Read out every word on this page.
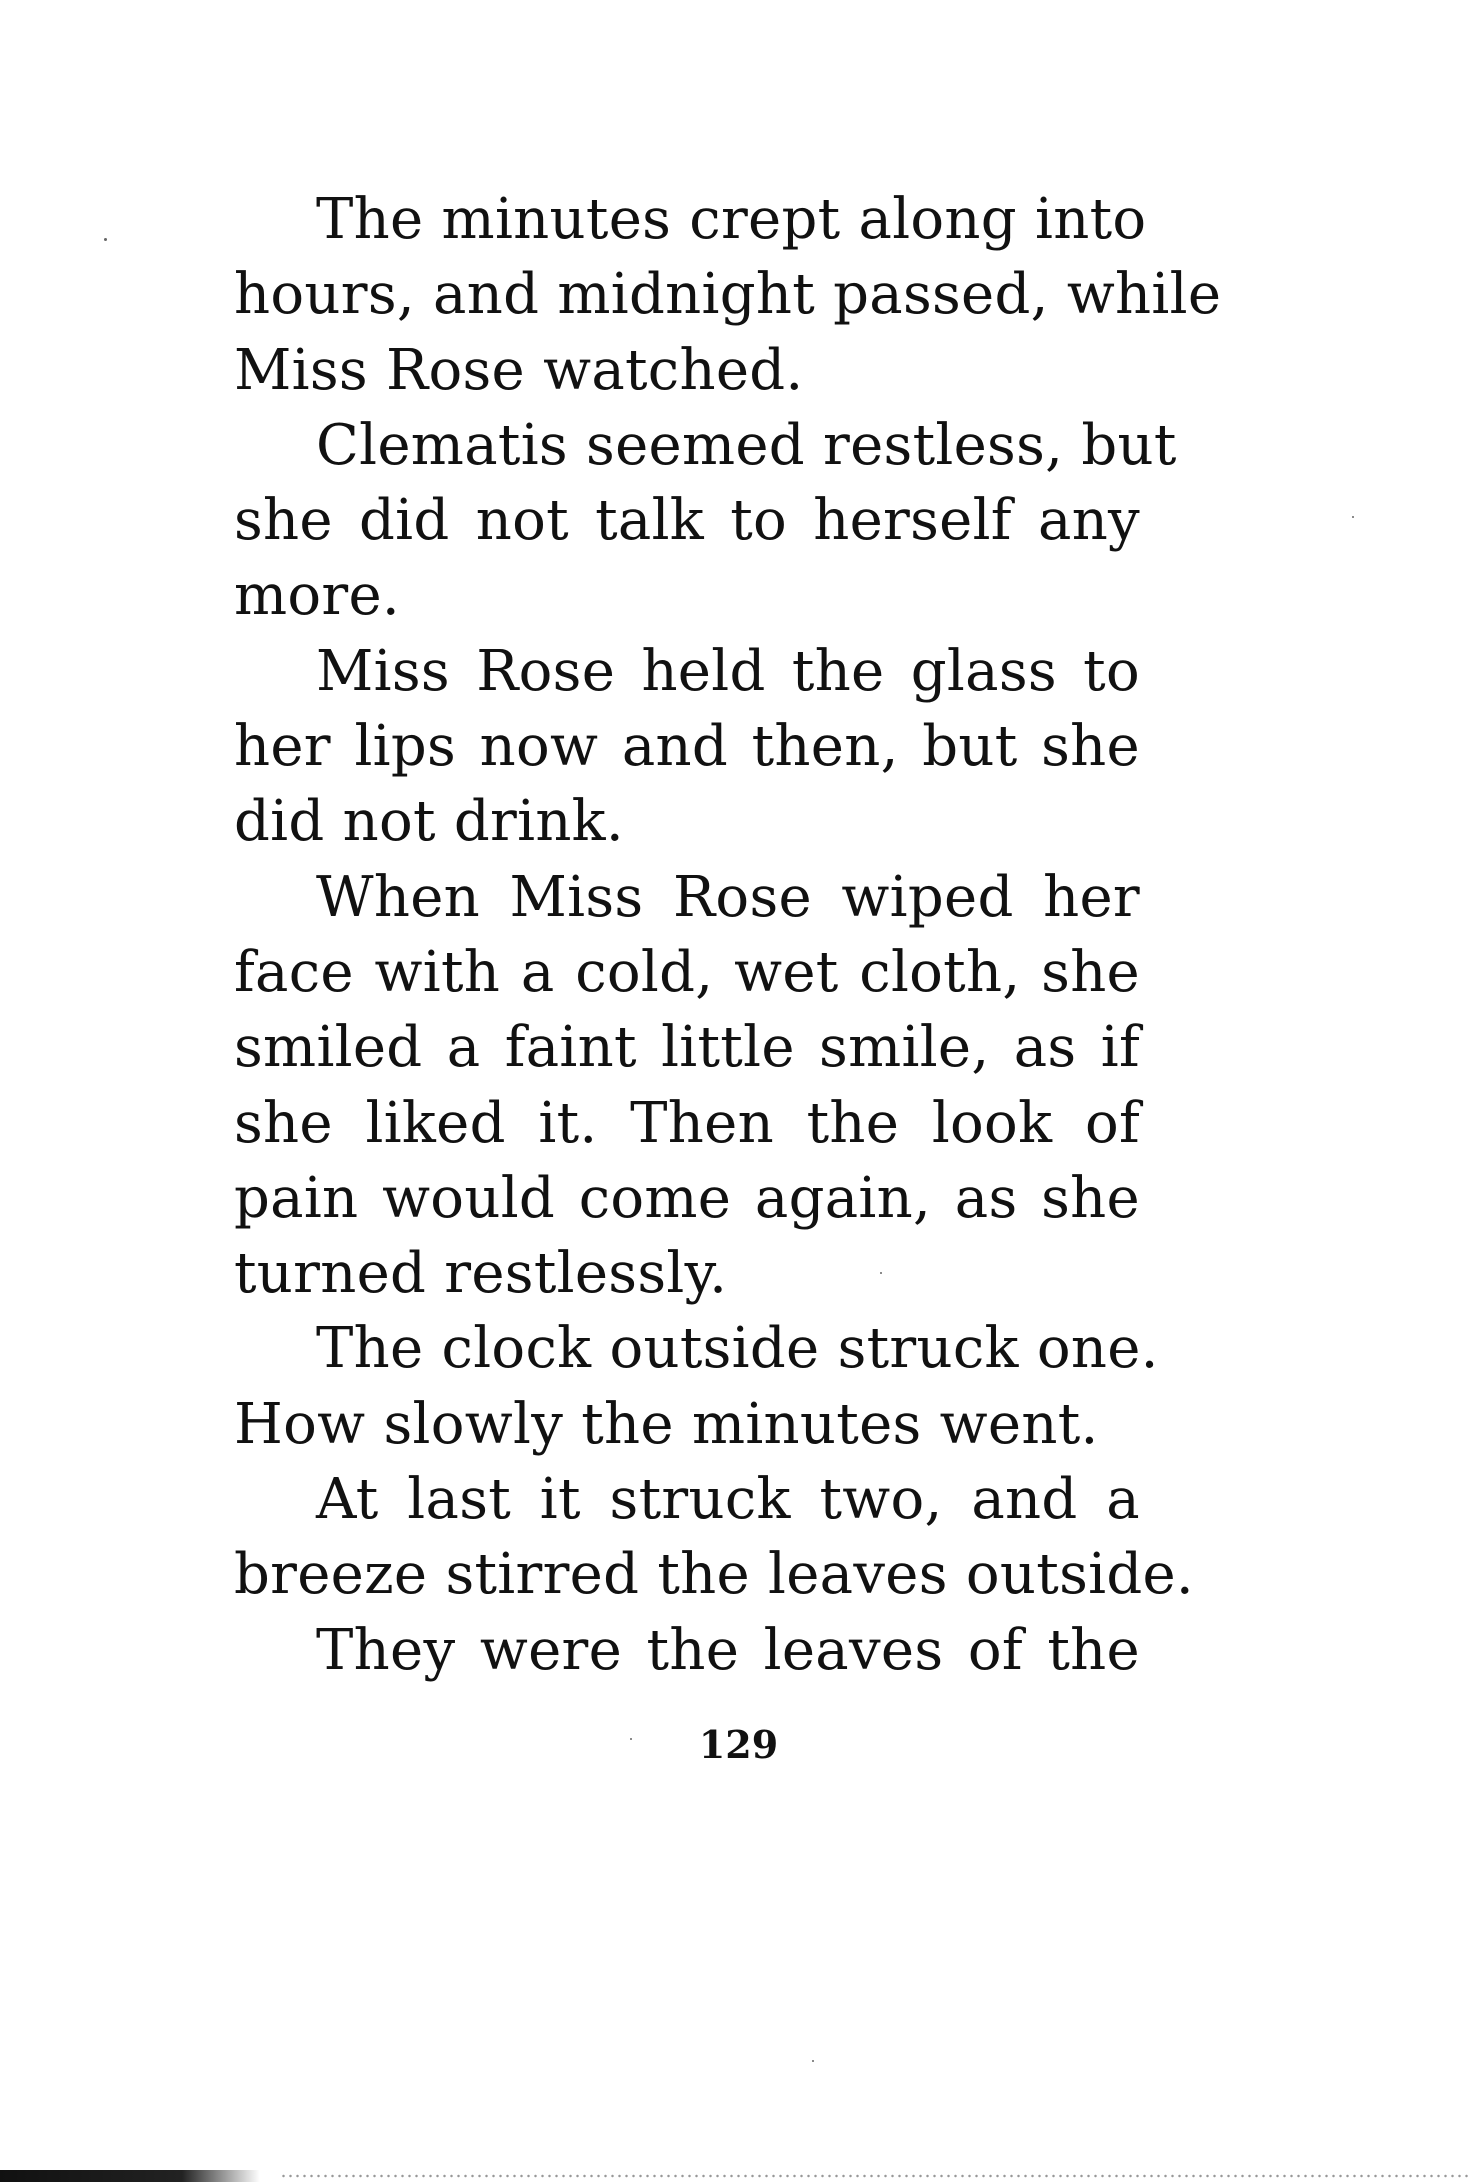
The minutes crept along into
hours, and midnight passed, while
Miss Rose watched.
Clematis seemed restless, but
she did not talk to herself any
more.
Miss Rose held the glass to
her lips now and then, but she
did not drink.
When Miss Rose wiped her
face with a cold, wet cloth, she
smiled a faint little smile, as if
she liked it. Then the look of
pain would come again, as she
turned restlessly.
The clock outside struck one.
How slowly the minutes went.
At last it struck two, and a
breeze stirred the leaves outside.
They were the leaves of the
129
